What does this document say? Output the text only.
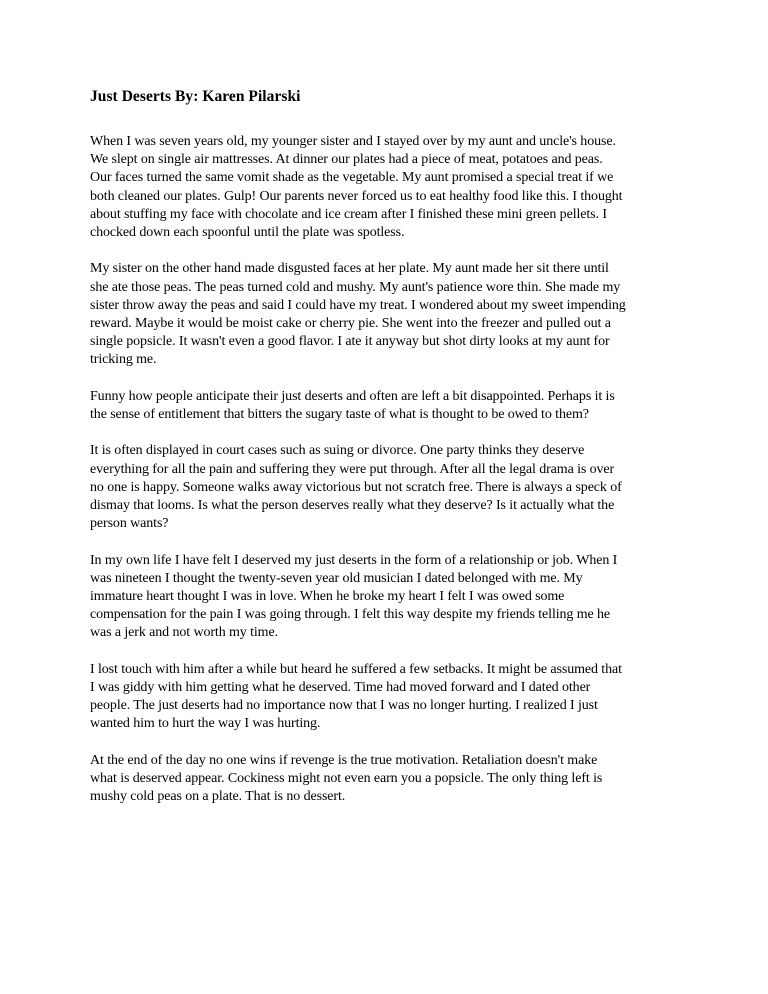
Just Deserts By: Karen Pilarski
When I was seven years old, my younger sister and I stayed over by my aunt and uncle's house.
We slept on single air mattresses. At dinner our plates had a piece of meat, potatoes and peas.
Our faces turned the same vomit shade as the vegetable. My aunt promised a special treat if we
both cleaned our plates. Gulp! Our parents never forced us to eat healthy food like this. I thought
about stuffing my face with chocolate and ice cream after I finished these mini green pellets. I
chocked down each spoonful until the plate was spotless.
My sister on the other hand made disgusted faces at her plate. My aunt made her sit there until
she ate those peas. The peas turned cold and mushy. My aunt's patience wore thin. She made my
sister throw away the peas and said I could have my treat. I wondered about my sweet impending
reward. Maybe it would be moist cake or cherry pie. She went into the freezer and pulled out a
single popsicle. It wasn't even a good flavor. I ate it anyway but shot dirty looks at my aunt for
tricking me.
Funny how people anticipate their just deserts and often are left a bit disappointed. Perhaps it is
the sense of entitlement that bitters the sugary taste of what is thought to be owed to them?
It is often displayed in court cases such as suing or divorce. One party thinks they deserve
everything for all the pain and suffering they were put through. After all the legal drama is over
no one is happy. Someone walks away victorious but not scratch free. There is always a speck of
dismay that looms. Is what the person deserves really what they deserve? Is it actually what the
person wants?
In my own life I have felt I deserved my just deserts in the form of a relationship or job. When I
was nineteen I thought the twenty-seven year old musician I dated belonged with me. My
immature heart thought I was in love. When he broke my heart I felt I was owed some
compensation for the pain I was going through. I felt this way despite my friends telling me he
was a jerk and not worth my time.
I lost touch with him after a while but heard he suffered a few setbacks. It might be assumed that
I was giddy with him getting what he deserved. Time had moved forward and I dated other
people. The just deserts had no importance now that I was no longer hurting. I realized I just
wanted him to hurt the way I was hurting.
At the end of the day no one wins if revenge is the true motivation. Retaliation doesn't make
what is deserved appear. Cockiness might not even earn you a popsicle. The only thing left is
mushy cold peas on a plate. That is no dessert.
